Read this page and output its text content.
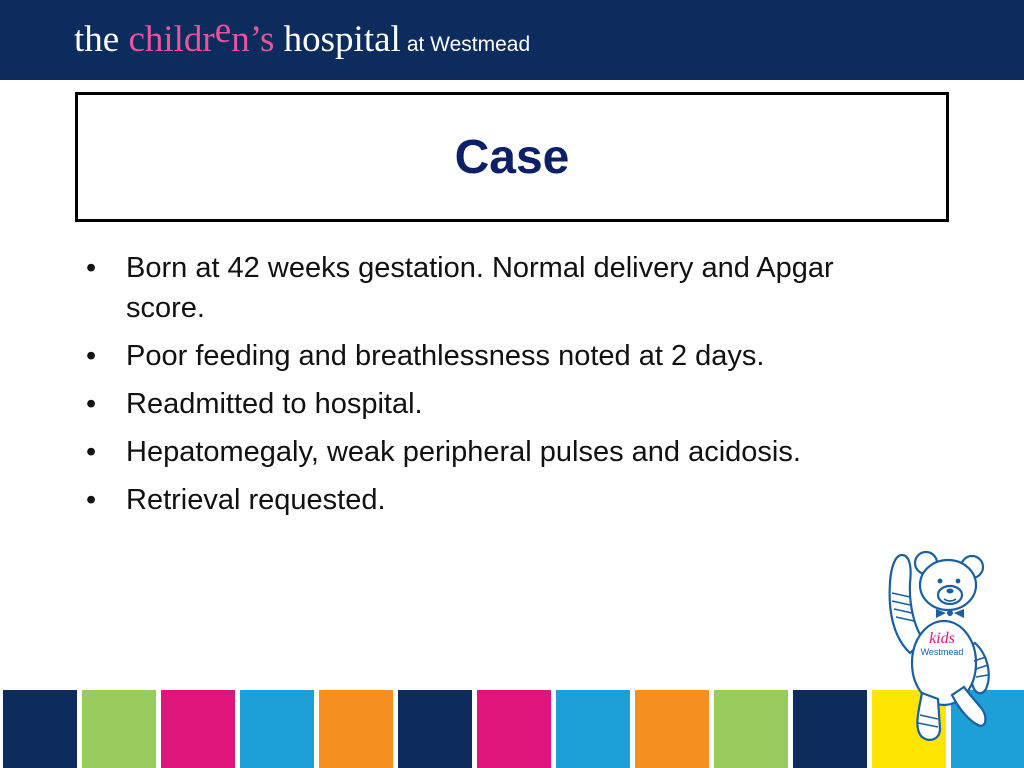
the children’s hospital at Westmead
Case
• Born at 42 weeks gestation. Normal delivery and Apgar score.
• Poor feeding and breathlessness noted at 2 days.
• Readmitted to hospital.
• Hepatomegaly, weak peripheral pulses and acidosis.
• Retrieval requested.
kids
Westmead
